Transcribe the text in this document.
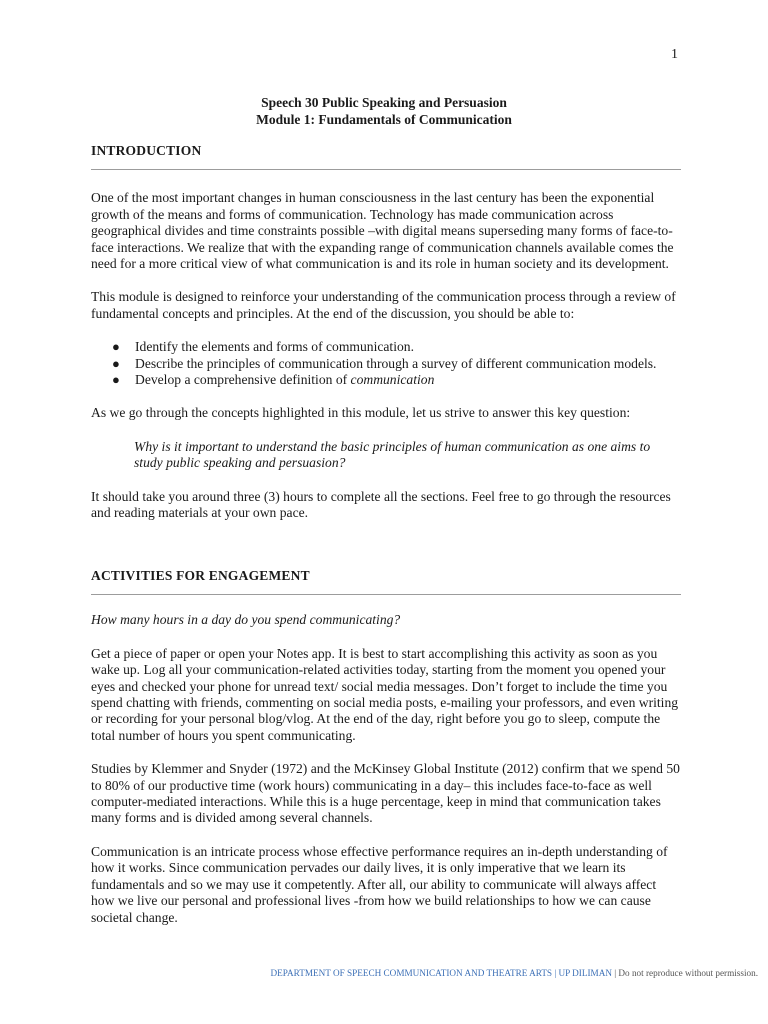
1
Speech 30 Public Speaking and Persuasion
Module 1: Fundamentals of Communication
INTRODUCTION

One of the most important changes in human consciousness in the last century has been the exponential growth of the means and forms of communication. Technology has made communication across geographical divides and time constraints possible –with digital means superseding many forms of face-to-face interactions. We realize that with the expanding range of communication channels available comes the need for a more critical view of what communication is and its role in human society and its development.

This module is designed to reinforce your understanding of the communication process through a review of fundamental concepts and principles. At the end of the discussion, you should be able to:

● Identify the elements and forms of communication.
● Describe the principles of communication through a survey of different communication models.
● Develop a comprehensive definition of communication

As we go through the concepts highlighted in this module, let us strive to answer this key question:

Why is it important to understand the basic principles of human communication as one aims to study public speaking and persuasion?

It should take you around three (3) hours to complete all the sections. Feel free to go through the resources and reading materials at your own pace.

ACTIVITIES FOR ENGAGEMENT

How many hours in a day do you spend communicating?

Get a piece of paper or open your Notes app. It is best to start accomplishing this activity as soon as you wake up. Log all your communication-related activities today, starting from the moment you opened your eyes and checked your phone for unread text/ social media messages. Don’t forget to include the time you spend chatting with friends, commenting on social media posts, e-mailing your professors, and even writing or recording for your personal blog/vlog. At the end of the day, right before you go to sleep, compute the total number of hours you spent communicating.

Studies by Klemmer and Snyder (1972) and the McKinsey Global Institute (2012) confirm that we spend 50 to 80% of our productive time (work hours) communicating in a day– this includes face-to-face as well computer-mediated interactions. While this is a huge percentage, keep in mind that communication takes many forms and is divided among several channels.

Communication is an intricate process whose effective performance requires an in-depth understanding of how it works. Since communication pervades our daily lives, it is only imperative that we learn its fundamentals and so we may use it competently. After all, our ability to communicate will always affect how we live our personal and professional lives -from how we build relationships to how we can cause societal change.

DEPARTMENT OF SPEECH COMMUNICATION AND THEATRE ARTS | UP DILIMAN | Do not reproduce without permission.
